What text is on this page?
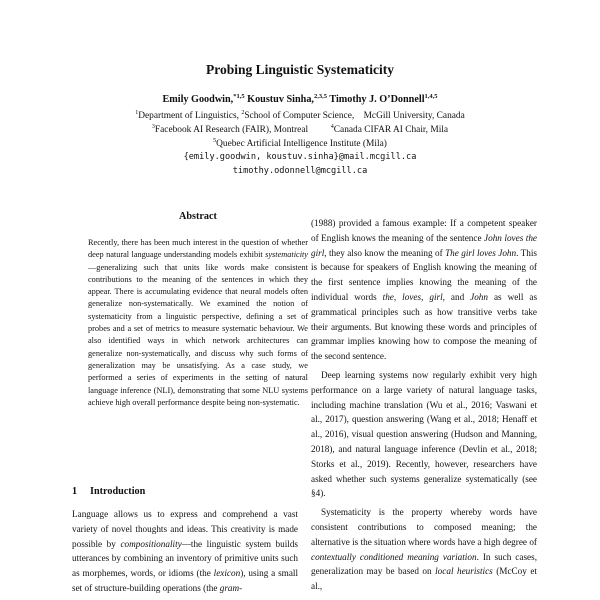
Probing Linguistic Systematicity
Emily Goodwin,$^{*1,5}$ Koustuv Sinha,$^{2,3,5}$ Timothy J. O’Donnell$^{1,4,5}$
$^1$Department of Linguistics, $^2$School of Computer Science,    McGill University, Canada
$^3$Facebook AI Research (FAIR), Montreal	$^4$Canada CIFAR AI Chair, Mila
$^5$Quebec Artificial Intelligence Institute (Mila)
{emily.goodwin, koustuv.sinha}@mail.mcgill.ca
timothy.odonnell@mcgill.ca
Abstract
Recently, there has been much interest in the question of whether deep natural language understanding models exhibit systematicity—generalizing such that units like words make consistent contributions to the meaning of the sentences in which they appear. There is accumulating evidence that neural models often generalize non-systematically. We examined the notion of systematicity from a linguistic perspective, defining a set of probes and a set of metrics to measure systematic behaviour. We also identified ways in which network architectures can generalize non-systematically, and discuss why such forms of generalization may be unsatisfying. As a case study, we performed a series of experiments in the setting of natural language inference (NLI), demonstrating that some NLU systems achieve high overall performance despite being non-systematic.
1 Introduction

Language allows us to express and comprehend a vast variety of novel thoughts and ideas. This creativity is made possible by compositionality—the linguistic system builds utterances by combining an inventory of primitive units such as morphemes, words, or idioms (the lexicon), using a small set of structure-building operations (the gram-

(1988) provided a famous example: If a competent speaker of English knows the meaning of the sentence John loves the girl, they also know the meaning of The girl loves John. This is because for speakers of English knowing the meaning of the first sentence implies knowing the meaning of the individual words the, loves, girl, and John as well as grammatical principles such as how transitive verbs take their arguments. But knowing these words and principles of grammar implies knowing how to compose the meaning of the second sentence.

Deep learning systems now regularly exhibit very high performance on a large variety of natural language tasks, including machine translation (Wu et al., 2016; Vaswani et al., 2017), question answering (Wang et al., 2018; Henaff et al., 2016), visual question answering (Hudson and Manning, 2018), and natural language inference (Devlin et al., 2018; Storks et al., 2019). Recently, however, researchers have asked whether such systems generalize systematically (see §4).

Systematicity is the property whereby words have consistent contributions to composed meaning; the alternative is the situation where words have a high degree of contextually conditioned meaning variation. In such cases, generalization may be based on local heuristics (McCoy et al.,
